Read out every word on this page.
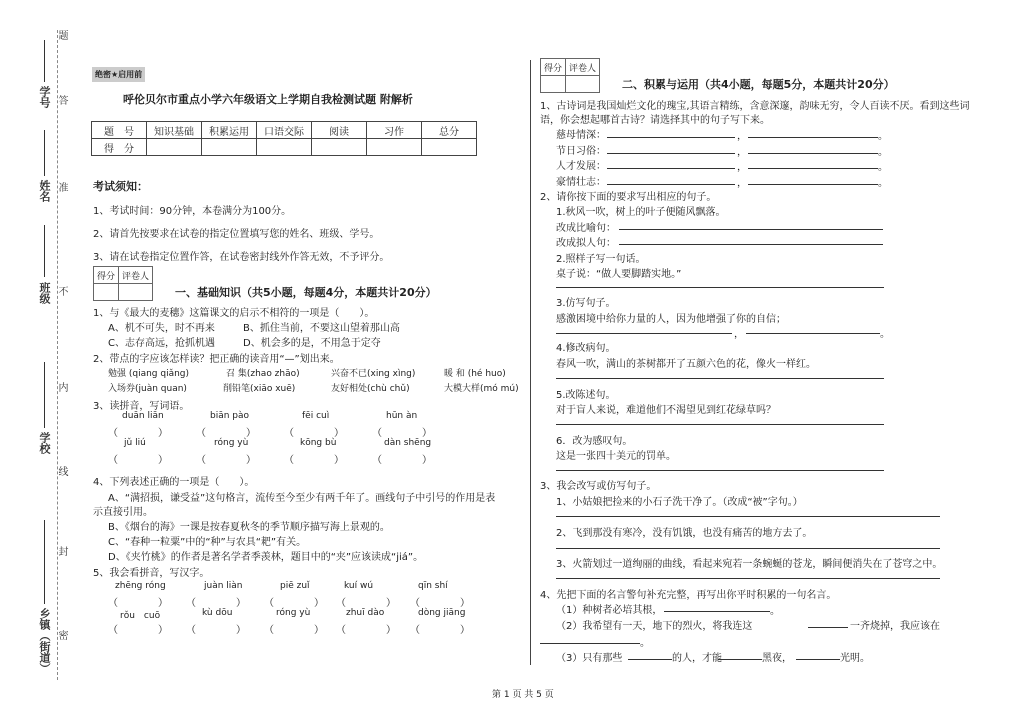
题
学号 答
姓名 准
班级 不
内
学校
线
封
乡镇（街道） 密
绝密★启用前
呼伦贝尔市重点小学六年级语文上学期自我检测试题 附解析
题　号	知识基础	积累运用	口语交际	阅读	习作	总分
得　分						
考试须知：
1、考试时间：90分钟，本卷满分为100分。
2、请首先按要求在试卷的指定位置填写您的姓名、班级、学号。
3、请在试卷指定位置作答，在试卷密封线外作答无效，不予评分。
得分	评卷人

一、基础知识（共5小题，每题4分，本题共计20分）
1、与《最大的麦穗》这篇课文的启示不相符的一项是（　　）。
A、机不可失，时不再来	B、抓住当前，不要这山望着那山高
C、志存高远，抢抓机遇	D、机会多的是，不用急于定夺
2、带点的字应该怎样读？把正确的读音用“—”划出来。
勉强 (qiang qiǎng)	召 集(zhao zhāo)	兴奋不已(xing xìng)	暖 和 (hé huo)
入场券(juàn quan)	削铅笔(xiāo xuē)	友好相处(chù chǔ)	大模大样(mó mú)
3、读拼音，写词语。
duān liān	biān pào	fēi cuì	hūn àn
（　　　　）	（　　　　）	（　　　　）	（　　　　）
jǔ liú	róng yù	kōng bù	dàn shēng
（　　　　）	（　　　　）	（　　　　）	（　　　　）
4、下列表述正确的一项是（　　）。
A、“满招损，谦受益”这句格言，流传至今至少有两千年了。画线句子中引号的作用是表
示直接引用。
B、《烟台的海》一课是按春夏秋冬的季节顺序描写海上景观的。
C、“春种一粒粟”中的“种”与农具“耙”有关。
D、《夹竹桃》的作者是著名学者季羡林，题目中的“夹”应该读成“jiá”。
5、我会看拼音，写汉字。
zhēng róng	juàn liàn	piē zuǐ	kuí wú	qīn shí
（　　　　） （　　　　） （　　　　） （　　　　） （　　　　）
rǒu　cuō	kù dōu	róng yù	zhuī dào	dòng jiāng
（　　　　） （　　　　） （　　　　） （　　　　） （　　　　）
得分	评卷人

二、积累与运用（共4小题，每题5分，本题共计20分）
1、古诗词是我国灿烂文化的瑰宝,其语言精练，含意深邃，韵味无穷，令人百读不厌。看到这些词
语，你会想起哪首古诗？请选择其中的句子写下来。
慈母情深：	，	。
节日习俗：	，	。
人才发展：	，	。
豪情壮志：	，	。
2、请你按下面的要求写出相应的句子。
1.秋风一吹，树上的叶子便随风飘落。
改成比喻句：
改成拟人句：
2.照样子写一句话。
桌子说：“做人要脚踏实地。”
3.仿写句子。
感激困境中给你力量的人，因为他增强了你的自信；
，	。
4.修改病句。
春风一吹，满山的茶树都开了五颜六色的花，像火一样红。
5.改陈述句。
对于盲人来说，难道他们不渴望见到红花绿草吗？
6．改为感叹句。
这是一张四十美元的罚单。
3、我会改写或仿写句子。
1、小姑娘把捡来的小石子洗干净了。（改成“被”字句。）
2、飞到那没有寒冷，没有饥饿，也没有痛苦的地方去了。
3、火箭划过一道绚丽的曲线，看起来宛若一条蜿蜒的苍龙，瞬间便消失在了苍穹之中。
4、先把下面的名言警句补充完整，再写出你平时积累的一句名言。
（1）种树者必培其根，	。
（2）我希望有一天，地下的烈火，将我连这	一齐烧掉，我应该在
。
（3）只有那些	的人，才能	黑夜，	光明。
第 1 页 共 5 页
